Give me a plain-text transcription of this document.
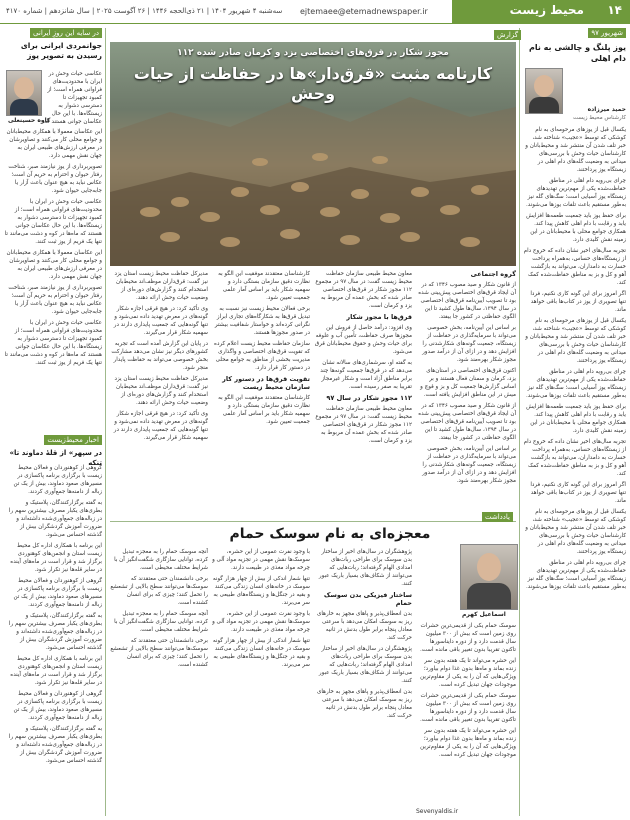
محیط زیست ۱۴
ejtemaee@etemadnewspaper.ir
سه‌شنبه ۴ شهریور ۱۴۰۴ | ۲۱ ذی‌الحجه ۱۴۴۶ | ۲۶ آگوست ۲۰۲۵ | سال شانزدهم | شماره ۴۱۷۰
۹۷ شهریور
یوز پلنگ و چالشی به نام دام اهلی
حمید میرزاده
کارشناس محیط زیست

یکسال قبل از یوزهای مرحومه‌ای به نام کوشکی که توسط «عجیب» شناخته شد، خبر تلف شدن آن منتشر شد و محیط‌بانان و کارشناسان حیات وحش با بررسی‌های میدانی به وضعیت گله‌های دام اهلی در زیستگاه یوز پرداختند.

چرای بی‌رویه دام اهلی در مناطق حفاظت‌شده یکی از مهم‌ترین تهدیدهای زیستگاه یوز آسیایی است؛ سگ‌های گله نیز به‌طور مستقیم باعث تلفات یوزها می‌شوند.

برای حفظ یوز باید جمعیت طعمه‌ها افزایش یابد و رقابت با دام اهلی کاهش پیدا کند. همکاری جوامع محلی با محیط‌بانان در این زمینه نقش کلیدی دارد.

تجربه سال‌های اخیر نشان داده که خروج دام از زیستگاه‌های حساس، به‌همراه پرداخت خسارت به دامداران، می‌تواند به بازگشت آهو و کل و بز به مناطق حفاظت‌شده کمک کند.

اگر امروز برای این گونه کاری نکنیم، فردا تنها تصویری از یوز در کتاب‌ها باقی خواهد ماند.

یکسال قبل از یوزهای مرحومه‌ای به نام کوشکی که توسط «عجیب» شناخته شد، خبر تلف شدن آن منتشر شد و محیط‌بانان و کارشناسان حیات وحش با بررسی‌های میدانی به وضعیت گله‌های دام اهلی در زیستگاه یوز پرداختند.

چرای بی‌رویه دام اهلی در مناطق حفاظت‌شده یکی از مهم‌ترین تهدیدهای زیستگاه یوز آسیایی است؛ سگ‌های گله نیز به‌طور مستقیم باعث تلفات یوزها می‌شوند.

برای حفظ یوز باید جمعیت طعمه‌ها افزایش یابد و رقابت با دام اهلی کاهش پیدا کند. همکاری جوامع محلی با محیط‌بانان در این زمینه نقش کلیدی دارد.

تجربه سال‌های اخیر نشان داده که خروج دام از زیستگاه‌های حساس، به‌همراه پرداخت خسارت به دامداران، می‌تواند به بازگشت آهو و کل و بز به مناطق حفاظت‌شده کمک کند.

اگر امروز برای این گونه کاری نکنیم، فردا تنها تصویری از یوز در کتاب‌ها باقی خواهد ماند.

یکسال قبل از یوزهای مرحومه‌ای به نام کوشکی که توسط «عجیب» شناخته شد، خبر تلف شدن آن منتشر شد و محیط‌بانان و کارشناسان حیات وحش با بررسی‌های میدانی به وضعیت گله‌های دام اهلی در زیستگاه یوز پرداختند.

چرای بی‌رویه دام اهلی در مناطق حفاظت‌شده یکی از مهم‌ترین تهدیدهای زیستگاه یوز آسیایی است؛ سگ‌های گله نیز به‌طور مستقیم باعث تلفات یوزها می‌شوند.

در سایه این روزِ ایرانی
جوانمردی ایرانی برای رسیدن به تصویر یوز
کاوه حسینعلی

عکاسی حیات وحش در ایران با محدودیت‌های فراوانی همراه است؛ از کمبود تجهیزات تا دسترسی دشوار به زیستگاه‌ها. با این حال عکاسان جوانی هستند که

این عکاسان معمولا با همکاری محیط‌بانان و جوامع محلی کار می‌کنند و تصاویرشان در معرفی ارزش‌های طبیعی ایران به جهان نقش مهمی دارد.

تصویربرداری از یوز نیازمند صبر، شناخت رفتار حیوان و احترام به حریم آن است؛ عکاس نباید به هیچ عنوان باعث آزار یا جابه‌جایی حیوان شود.

عکاسی حیات وحش در ایران با محدودیت‌های فراوانی همراه است؛ از کمبود تجهیزات تا دسترسی دشوار به زیستگاه‌ها. با این حال عکاسان جوانی هستند که ماه‌ها در کوه و دشت می‌مانند تا تنها یک فریم از یوز ثبت کنند.

این عکاسان معمولا با همکاری محیط‌بانان و جوامع محلی کار می‌کنند و تصاویرشان در معرفی ارزش‌های طبیعی ایران به جهان نقش مهمی دارد.

تصویربرداری از یوز نیازمند صبر، شناخت رفتار حیوان و احترام به حریم آن است؛ عکاس نباید به هیچ عنوان باعث آزار یا جابه‌جایی حیوان شود.

عکاسی حیات وحش در ایران با محدودیت‌های فراوانی همراه است؛ از کمبود تجهیزات تا دسترسی دشوار به زیستگاه‌ها. با این حال عکاسان جوانی هستند که ماه‌ها در کوه و دشت می‌مانند تا تنها یک فریم از یوز ثبت کنند.

اخبار محیط‌زیست
«در سپهر» از قلهٔ دماوند تا تنکه

گروهی از کوهنوردان و فعالان محیط زیست با برگزاری برنامه پاکسازی در مسیرهای صعود دماوند، بیش از یک تن زباله از دامنه‌ها جمع‌آوری کردند.

به گفته برگزارکنندگان، پلاستیک و بطری‌های یکبار مصرف بیشترین سهم را در زباله‌های جمع‌آوری‌شده داشته‌اند و ضرورت آموزش گردشگران بیش از گذشته احساس می‌شود.

این برنامه با همکاری اداره کل محیط زیست استان و انجمن‌های کوهنوردی برگزار شد و قرار است در ماه‌های آینده در سایر قله‌ها نیز تکرار شود.

گروهی از کوهنوردان و فعالان محیط زیست با برگزاری برنامه پاکسازی در مسیرهای صعود دماوند، بیش از یک تن زباله از دامنه‌ها جمع‌آوری کردند.

به گفته برگزارکنندگان، پلاستیک و بطری‌های یکبار مصرف بیشترین سهم را در زباله‌های جمع‌آوری‌شده داشته‌اند و ضرورت آموزش گردشگران بیش از گذشته احساس می‌شود.

این برنامه با همکاری اداره کل محیط زیست استان و انجمن‌های کوهنوردی برگزار شد و قرار است در ماه‌های آینده در سایر قله‌ها نیز تکرار شود.

گروهی از کوهنوردان و فعالان محیط زیست با برگزاری برنامه پاکسازی در مسیرهای صعود دماوند، بیش از یک تن زباله از دامنه‌ها جمع‌آوری کردند.

به گفته برگزارکنندگان، پلاستیک و بطری‌های یکبار مصرف بیشترین سهم را در زباله‌های جمع‌آوری‌شده داشته‌اند و ضرورت آموزش گردشگران بیش از گذشته احساس می‌شود.

گزارش
۱۱۲ مجوز شکار در قرق‌های اختصاصی یزد و کرمان صادر شده
کارنامه مثبت «قرق‌دار»ها در حفاظت از حیات وحش

گروه اجتماعی

از قانون شکار و صید مصوب ۱۳۴۶ که در آن ایجاد قرق‌های اختصاصی پیش‌بینی شده بود تا تصویب آیین‌نامه قرق‌های اختصاصی در سال ۱۳۹۴، سال‌ها طول کشید تا این الگوی حفاظتی در کشور جا بیفتد.

بر اساس این آیین‌نامه، بخش خصوصی می‌تواند با سرمایه‌گذاری در حفاظت از زیستگاه، جمعیت گونه‌های شکارشدنی را افزایش دهد و در ازای آن از درآمد صدور مجوز شکار بهره‌مند شود.

اکنون قرق‌های اختصاصی در استان‌های یزد، کرمان و سمنان فعال هستند و بر اساس گزارش‌ها جمعیت کل و بز و قوچ و میش در این مناطق افزایش یافته است.

از قانون شکار و صید مصوب ۱۳۴۶ که در آن ایجاد قرق‌های اختصاصی پیش‌بینی شده بود تا تصویب آیین‌نامه قرق‌های اختصاصی در سال ۱۳۹۴، سال‌ها طول کشید تا این الگوی حفاظتی در کشور جا بیفتد.

بر اساس این آیین‌نامه، بخش خصوصی می‌تواند با سرمایه‌گذاری در حفاظت از زیستگاه، جمعیت گونه‌های شکارشدنی را افزایش دهد و در ازای آن از درآمد صدور مجوز شکار بهره‌مند شود.

معاون محیط طبیعی سازمان حفاظت محیط زیست گفت: در سال ۹۷ در مجموع ۱۱۲ مجوز شکار در قرق‌های اختصاصی صادر شده که بخش عمده آن مربوط به یزد و کرمان است.

قرق‌ها با مجوز شکار

وی افزود: درآمد حاصل از فروش این مجوزها صرف حفاظت، تأمین آب و علوفه برای حیات وحش و حقوق محیط‌بانان قرق می‌شود.

به گفته او، سرشماری‌های سالانه نشان می‌دهد که در قرق‌ها جمعیت گونه‌ها چند برابر مناطق آزاد است و شکار غیرمجاز تقریبا به صفر رسیده است.

۱۱۲ مجوز شکار در سال ۹۷

معاون محیط طبیعی سازمان حفاظت محیط زیست گفت: در سال ۹۷ در مجموع ۱۱۲ مجوز شکار در قرق‌های اختصاصی صادر شده که بخش عمده آن مربوط به یزد و کرمان است.

کارشناسان معتقدند موفقیت این الگو به نظارت دقیق سازمان بستگی دارد و سهمیه شکار باید بر اساس آمار علمی جمعیت تعیین شود.

برخی فعالان محیط زیست نیز نسبت به تبدیل قرق‌ها به شکارگاه‌های تجاری ابراز نگرانی کرده‌اند و خواستار شفافیت بیشتر در صدور مجوزها هستند.

سازمان حفاظت محیط زیست اعلام کرده که تقویت قرق‌های اختصاصی و واگذاری مدیریت بخشی از مناطق به جوامع محلی در دستور کار قرار دارد.

تقویت قرق‌ها در دستور کار سازمان محیط زیست

کارشناسان معتقدند موفقیت این الگو به نظارت دقیق سازمان بستگی دارد و سهمیه شکار باید بر اساس آمار علمی جمعیت تعیین شود.

مدیرکل حفاظت محیط زیست استان یزد نیز گفت: قرق‌داران موظف‌اند محیط‌بان استخدام کنند و گزارش‌های دوره‌ای از وضعیت حیات وحش ارائه دهند.

وی تأکید کرد: در هیچ قرقی اجازه شکار گونه‌های در معرض تهدید داده نمی‌شود و تنها گونه‌هایی که جمعیت پایداری دارند در سهمیه شکار قرار می‌گیرند.

در پایان این گزارش آمده است که تجربه کشورهای دیگر نیز نشان می‌دهد مشارکت بخش خصوصی می‌تواند به حفاظت پایدار منجر شود.

مدیرکل حفاظت محیط زیست استان یزد نیز گفت: قرق‌داران موظف‌اند محیط‌بان استخدام کنند و گزارش‌های دوره‌ای از وضعیت حیات وحش ارائه دهند.

وی تأکید کرد: در هیچ قرقی اجازه شکار گونه‌های در معرض تهدید داده نمی‌شود و تنها گونه‌هایی که جمعیت پایداری دارند در سهمیه شکار قرار می‌گیرند.

یادداشت
معجزه‌ای به نام سوسک حمام
اسماعیل کهرم

سوسک حمام یکی از قدیمی‌ترین حشرات روی زمین است که بیش از ۳۰۰ میلیون سال قدمت دارد و از دوره دایناسورها تاکنون تقریبا بدون تغییر باقی مانده است.

این حشره می‌تواند تا یک هفته بدون سر زنده بماند و ماه‌ها بدون غذا دوام بیاورد؛ ویژگی‌هایی که آن را به یکی از مقاوم‌ترین موجودات جهان تبدیل کرده است.

سوسک حمام یکی از قدیمی‌ترین حشرات روی زمین است که بیش از ۳۰۰ میلیون سال قدمت دارد و از دوره دایناسورها تاکنون تقریبا بدون تغییر باقی مانده است.

این حشره می‌تواند تا یک هفته بدون سر زنده بماند و ماه‌ها بدون غذا دوام بیاورد؛ ویژگی‌هایی که آن را به یکی از مقاوم‌ترین موجودات جهان تبدیل کرده است.

پژوهشگران در سال‌های اخیر از ساختار بدن سوسک برای طراحی ربات‌های امدادی الهام گرفته‌اند؛ ربات‌هایی که می‌توانند از شکاف‌های بسیار باریک عبور کنند.

ساختار فیزیکی بدن سوسک حمام

بدن انعطاف‌پذیر و پاهای مجهز به خارهای ریز به سوسک امکان می‌دهد با سرعتی معادل پنجاه برابر طول بدنش در ثانیه حرکت کند.

پژوهشگران در سال‌های اخیر از ساختار بدن سوسک برای طراحی ربات‌های امدادی الهام گرفته‌اند؛ ربات‌هایی که می‌توانند از شکاف‌های بسیار باریک عبور کنند.

بدن انعطاف‌پذیر و پاهای مجهز به خارهای ریز به سوسک امکان می‌دهد با سرعتی معادل پنجاه برابر طول بدنش در ثانیه حرکت کند.

با وجود نفرت عمومی از این حشره، سوسک‌ها نقش مهمی در تجزیه مواد آلی و چرخه مواد مغذی در طبیعت دارند.

تنها شمار اندکی از بیش از چهار هزار گونه سوسک در خانه‌های انسان زندگی می‌کنند و بقیه در جنگل‌ها و زیستگاه‌های طبیعی به سر می‌برند.

با وجود نفرت عمومی از این حشره، سوسک‌ها نقش مهمی در تجزیه مواد آلی و چرخه مواد مغذی در طبیعت دارند.

تنها شمار اندکی از بیش از چهار هزار گونه سوسک در خانه‌های انسان زندگی می‌کنند و بقیه در جنگل‌ها و زیستگاه‌های طبیعی به سر می‌برند.

آنچه سوسک حمام را به معجزه تبدیل کرده، توانایی سازگاری شگفت‌انگیز آن با شرایط مختلف محیطی است.

برخی دانشمندان حتی معتقدند که سوسک‌ها می‌توانند سطح بالایی از تشعشع را تحمل کنند؛ چیزی که برای انسان کشنده است.

آنچه سوسک حمام را به معجزه تبدیل کرده، توانایی سازگاری شگفت‌انگیز آن با شرایط مختلف محیطی است.

برخی دانشمندان حتی معتقدند که سوسک‌ها می‌توانند سطح بالایی از تشعشع را تحمل کنند؛ چیزی که برای انسان کشنده است.

Sevenyaldis.ir
